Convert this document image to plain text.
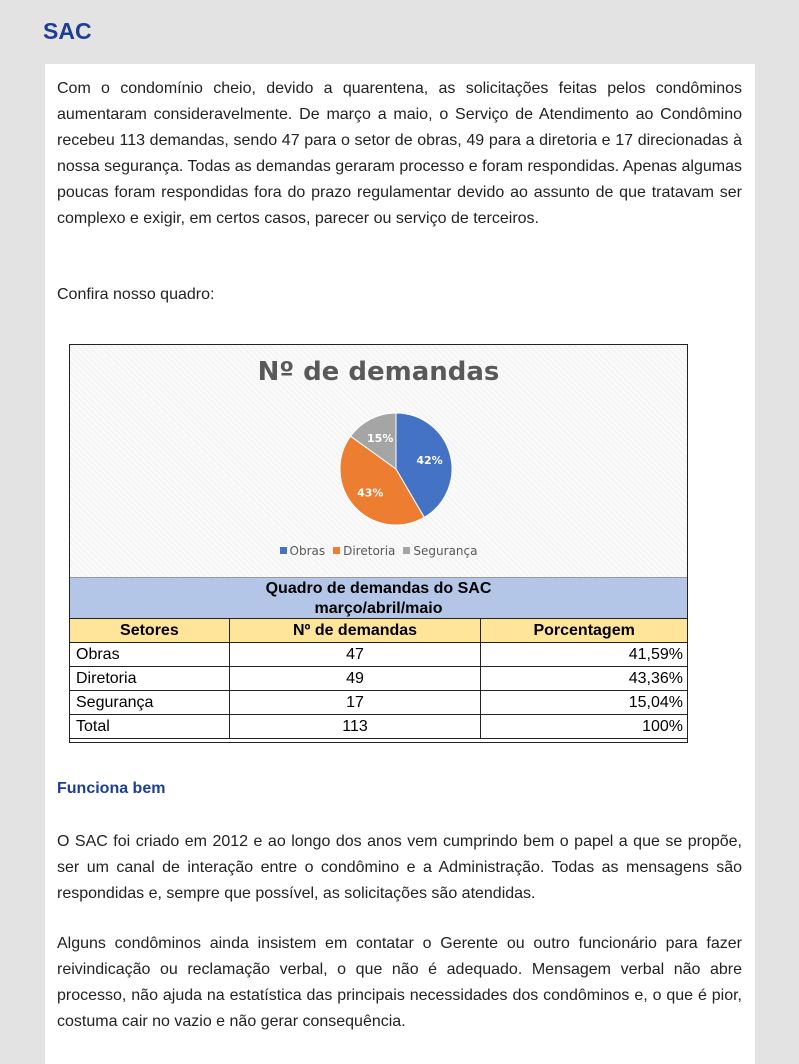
SAC

Com o condomínio cheio, devido a quarentena, as solicitações feitas pelos condôminos aumentaram consideravelmente. De março a maio, o Serviço de Atendimento ao Condômino recebeu 113 demandas, sendo 47 para o setor de obras, 49 para a diretoria e 17 direcionadas à nossa segurança. Todas as demandas geraram processo e foram respondidas. Apenas algumas poucas foram respondidas fora do prazo regulamentar devido ao assunto de que tratavam ser complexo e exigir, em certos casos, parecer ou serviço de terceiros.

Confira nosso quadro:

Nº de demandas
42%
43%
15%
Obras Diretoria Segurança
Quadro de demandas do SAC
março/abril/maio
Setores	Nº de demandas	Porcentagem
Obras	47	41,59%
Diretoria	49	43,36%
Segurança	17	15,04%
Total	113	100%
Funciona bem

O SAC foi criado em 2012 e ao longo dos anos vem cumprindo bem o papel a que se propõe, ser um canal de interação entre o condômino e a Administração. Todas as mensagens são respondidas e, sempre que possível, as solicitações são atendidas.

Alguns condôminos ainda insistem em contatar o Gerente ou outro funcionário para fazer reivindicação ou reclamação verbal, o que não é adequado. Mensagem verbal não abre processo, não ajuda na estatística das principais necessidades dos condôminos e, o que é pior, costuma cair no vazio e não gerar consequência.
